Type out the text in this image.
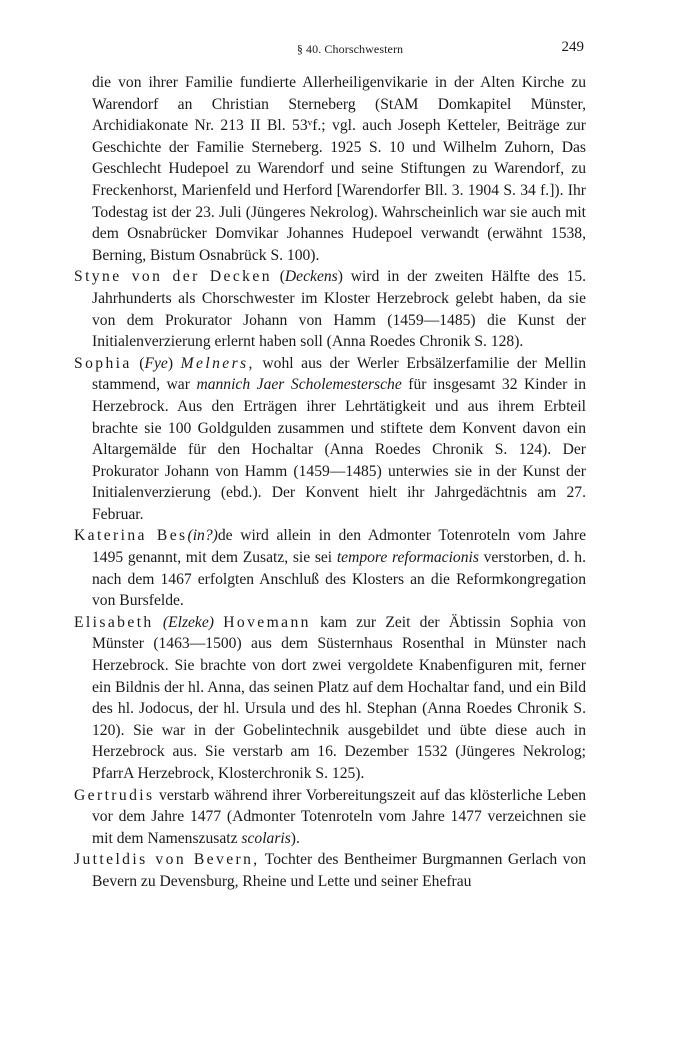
§ 40. Chorschwestern	249

die von ihrer Familie fundierte Allerheiligenvikarie in der Alten Kirche zu Warendorf an Christian Sterneberg (StAM Domkapitel Münster, Archidiakonate Nr. 213 II Bl. 53ᵛf.; vgl. auch Joseph Ketteler, Beiträge zur Geschichte der Familie Sterneberg. 1925 S. 10 und Wilhelm Zuhorn, Das Geschlecht Hudepoel zu Warendorf und seine Stiftungen zu Warendorf, zu Freckenhorst, Marienfeld und Herford [Warendorfer Bll. 3. 1904 S. 34 f.]). Ihr Todestag ist der 23. Juli (Jüngeres Nekrolog). Wahrscheinlich war sie auch mit dem Osnabrücker Domvikar Johannes Hudepoel verwandt (erwähnt 1538, Berning, Bistum Osnabrück S. 100).

Styne von der Decken (Deckens) wird in der zweiten Hälfte des 15. Jahrhunderts als Chorschwester im Kloster Herzebrock gelebt haben, da sie von dem Prokurator Johann von Hamm (1459—1485) die Kunst der Initialenverzierung erlernt haben soll (Anna Roedes Chronik S. 128).

Sophia (Fye) Melners, wohl aus der Werler Erbsälzerfamilie der Mellin stammend, war mannich Jaer Scholemestersche für insgesamt 32 Kinder in Herzebrock. Aus den Erträgen ihrer Lehrtätigkeit und aus ihrem Erbteil brachte sie 100 Goldgulden zusammen und stiftete dem Konvent davon ein Altargemälde für den Hochaltar (Anna Roedes Chronik S. 124). Der Prokurator Johann von Hamm (1459—1485) unterwies sie in der Kunst der Initialenverzierung (ebd.). Der Konvent hielt ihr Jahrgedächtnis am 27. Februar.

Katerina Bes(in?)de wird allein in den Admonter Totenroteln vom Jahre 1495 genannt, mit dem Zusatz, sie sei tempore reformacionis verstorben, d. h. nach dem 1467 erfolgten Anschluß des Klosters an die Reformkongregation von Bursfelde.

Elisabeth (Elzeke) Hovemann kam zur Zeit der Äbtissin Sophia von Münster (1463—1500) aus dem Süsternhaus Rosenthal in Münster nach Herzebrock. Sie brachte von dort zwei vergoldete Knabenfiguren mit, ferner ein Bildnis der hl. Anna, das seinen Platz auf dem Hochaltar fand, und ein Bild des hl. Jodocus, der hl. Ursula und des hl. Stephan (Anna Roedes Chronik S. 120). Sie war in der Gobelintechnik ausgebildet und übte diese auch in Herzebrock aus. Sie verstarb am 16. Dezember 1532 (Jüngeres Nekrolog; PfarrA Herzebrock, Klosterchronik S. 125).

Gertrudis verstarb während ihrer Vorbereitungszeit auf das klösterliche Leben vor dem Jahre 1477 (Admonter Totenroteln vom Jahre 1477 verzeichnen sie mit dem Namenszusatz scolaris).

Jutteldis von Bevern, Tochter des Bentheimer Burgmannen Gerlach von Bevern zu Devensburg, Rheine und Lette und seiner Ehefrau
